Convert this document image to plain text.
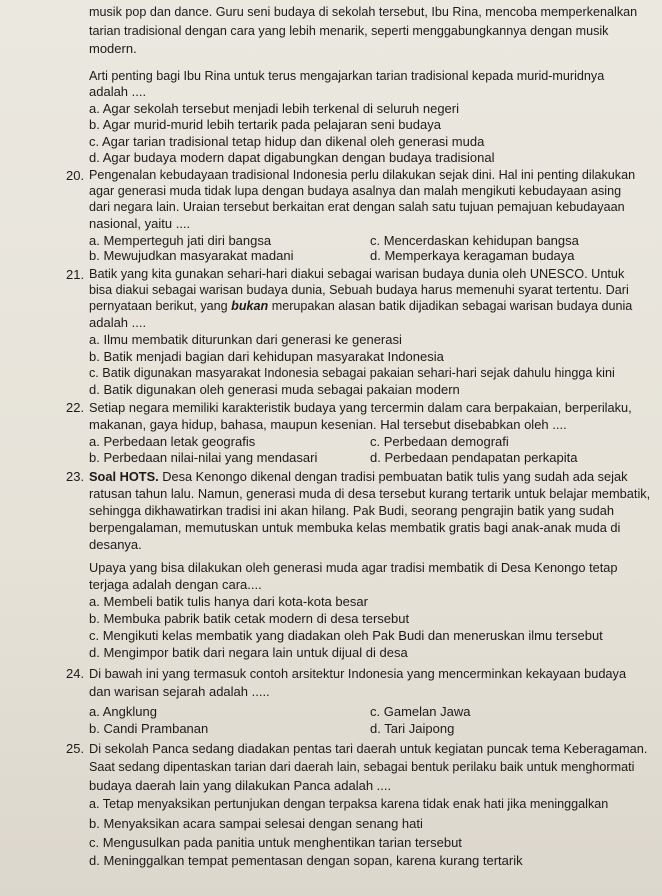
musik pop dan dance. Guru seni budaya di sekolah tersebut, Ibu Rina, mencoba memperkenalkan
tarian tradisional dengan cara yang lebih menarik, seperti menggabungkannya dengan musik
modern.
Arti penting bagi Ibu Rina untuk terus mengajarkan tarian tradisional kepada murid-muridnya
adalah ....
a. Agar sekolah tersebut menjadi lebih terkenal di seluruh negeri
b. Agar murid-murid lebih tertarik pada pelajaran seni budaya
c. Agar tarian tradisional tetap hidup dan dikenal oleh generasi muda
d. Agar budaya modern dapat digabungkan dengan budaya tradisional
20. Pengenalan kebudayaan tradisional Indonesia perlu dilakukan sejak dini. Hal ini penting dilakukan
agar generasi muda tidak lupa dengan budaya asalnya dan malah mengikuti kebudayaan asing
dari negara lain. Uraian tersebut berkaitan erat dengan salah satu tujuan pemajuan kebudayaan
nasional, yaitu ....
a. Memperteguh jati diri bangsa	c. Mencerdaskan kehidupan bangsa
b. Mewujudkan masyarakat madani	d. Memperkaya keragaman budaya
21. Batik yang kita gunakan sehari-hari diakui sebagai warisan budaya dunia oleh UNESCO. Untuk
bisa diakui sebagai warisan budaya dunia, Sebuah budaya harus memenuhi syarat tertentu. Dari
pernyataan berikut, yang bukan merupakan alasan batik dijadikan sebagai warisan budaya dunia
adalah ....
a. Ilmu membatik diturunkan dari generasi ke generasi
b. Batik menjadi bagian dari kehidupan masyarakat Indonesia
c. Batik digunakan masyarakat Indonesia sebagai pakaian sehari-hari sejak dahulu hingga kini
d. Batik digunakan oleh generasi muda sebagai pakaian modern
22. Setiap negara memiliki karakteristik budaya yang tercermin dalam cara berpakaian, berperilaku,
makanan, gaya hidup, bahasa, maupun kesenian. Hal tersebut disebabkan oleh ....
a. Perbedaan letak geografis	c. Perbedaan demografi
b. Perbedaan nilai-nilai yang mendasari	d. Perbedaan pendapatan perkapita
23. Soal HOTS. Desa Kenongo dikenal dengan tradisi pembuatan batik tulis yang sudah ada sejak
ratusan tahun lalu. Namun, generasi muda di desa tersebut kurang tertarik untuk belajar membatik,
sehingga dikhawatirkan tradisi ini akan hilang. Pak Budi, seorang pengrajin batik yang sudah
berpengalaman, memutuskan untuk membuka kelas membatik gratis bagi anak-anak muda di
desanya.
Upaya yang bisa dilakukan oleh generasi muda agar tradisi membatik di Desa Kenongo tetap
terjaga adalah dengan cara....
a. Membeli batik tulis hanya dari kota-kota besar
b. Membuka pabrik batik cetak modern di desa tersebut
c. Mengikuti kelas membatik yang diadakan oleh Pak Budi dan meneruskan ilmu tersebut
d. Mengimpor batik dari negara lain untuk dijual di desa
24. Di bawah ini yang termasuk contoh arsitektur Indonesia yang mencerminkan kekayaan budaya
dan warisan sejarah adalah .....
a. Angklung	c. Gamelan Jawa
b. Candi Prambanan	d. Tari Jaipong
25. Di sekolah Panca sedang diadakan pentas tari daerah untuk kegiatan puncak tema Keberagaman.
Saat sedang dipentaskan tarian dari daerah lain, sebagai bentuk perilaku baik untuk menghormati
budaya daerah lain yang dilakukan Panca adalah ....
a. Tetap menyaksikan pertunjukan dengan terpaksa karena tidak enak hati jika meninggalkan
b. Menyaksikan acara sampai selesai dengan senang hati
c. Mengusulkan pada panitia untuk menghentikan tarian tersebut
d. Meninggalkan tempat pementasan dengan sopan, karena kurang tertarik
